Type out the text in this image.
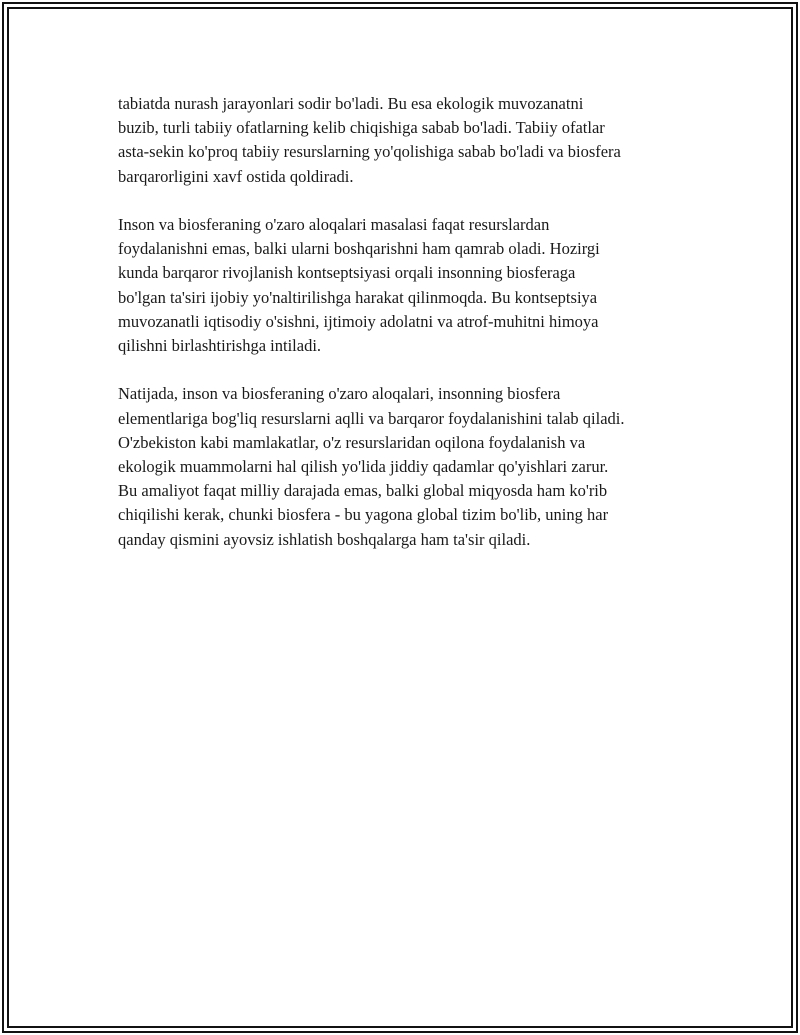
tabiatda nurash jarayonlari sodir bo'ladi. Bu esa ekologik muvozanatni
buzib, turli tabiiy ofatlarning kelib chiqishiga sabab bo'ladi. Tabiiy ofatlar
asta-sekin ko'proq tabiiy resurslarning yo'qolishiga sabab bo'ladi va biosfera
barqarorligini xavf ostida qoldiradi.

Inson va biosferaning o'zaro aloqalari masalasi faqat resurslardan
foydalanishni emas, balki ularni boshqarishni ham qamrab oladi. Hozirgi
kunda barqaror rivojlanish kontseptsiyasi orqali insonning biosferaga
bo'lgan ta'siri ijobiy yo'naltirilishga harakat qilinmoqda. Bu kontseptsiya
muvozanatli iqtisodiy o'sishni, ijtimoiy adolatni va atrof-muhitni himoya
qilishni birlashtirishga intiladi.

Natijada, inson va biosferaning o'zaro aloqalari, insonning biosfera
elementlariga bog'liq resurslarni aqlli va barqaror foydalanishini talab qiladi.
O'zbekiston kabi mamlakatlar, o'z resurslaridan oqilona foydalanish va
ekologik muammolarni hal qilish yo'lida jiddiy qadamlar qo'yishlari zarur.
Bu amaliyot faqat milliy darajada emas, balki global miqyosda ham ko'rib
chiqilishi kerak, chunki biosfera - bu yagona global tizim bo'lib, uning har
qanday qismini ayovsiz ishlatish boshqalarga ham ta'sir qiladi.
